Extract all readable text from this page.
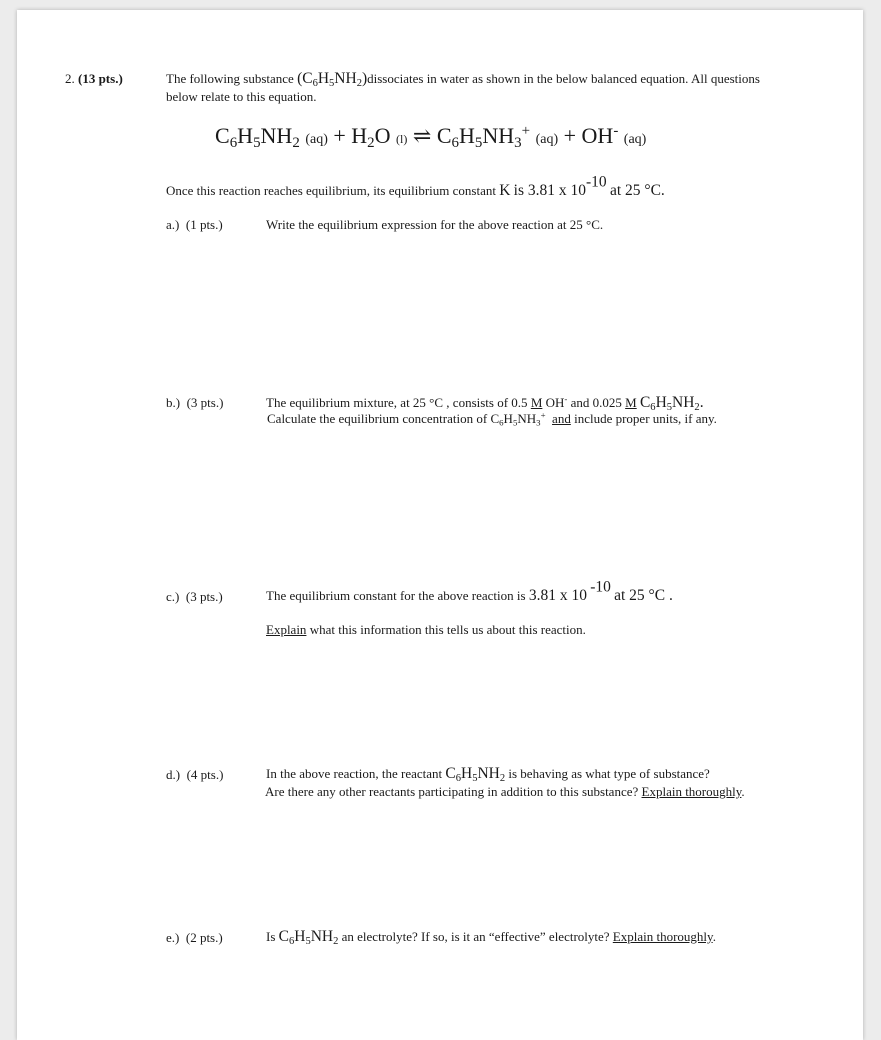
2. (13 pts.)	The following substance $(C_6H_5NH_2)dissociates$ in water as shown in the below balanced equation. All questions
below relate to this equation.
$C_6H_5NH_2$ $(aq) + H_2O$ (l) ⇌ $C_6H_5NH_3^+$ (aq) + OH- (aq)
Once this reaction reaches equilibrium, its equilibrium constant K is 3.81 x $10^{-10}$ at 25 °C.
a.) (1 pts.)	Write the equilibrium expression for the above reaction at 25 °C.
b.) (3 pts.)	The equilibrium mixture, at 25 °C , consists of 0.5 M OH- and 0.025 M $C_6H_5NH_2$.
Calculate the equilibrium concentration of $C_6H_5NH_3^+$ and include proper units, if any.
c.) (3 pts.)	The equilibrium constant for the above reaction is 3.81 x 10 $^{-10}$ at 25 °C .
Explain what this information this tells us about this reaction.
d.) (4 pts.)	In the above reaction, the reactant $C_6H_5NH_2$ is behaving as what type of substance?
Are there any other reactants participating in addition to this substance? Explain thoroughly.
e.) (2 pts.)	Is $C_6H_5NH_2$ an electrolyte? If so, is it an “effective” electrolyte? Explain thoroughly.
